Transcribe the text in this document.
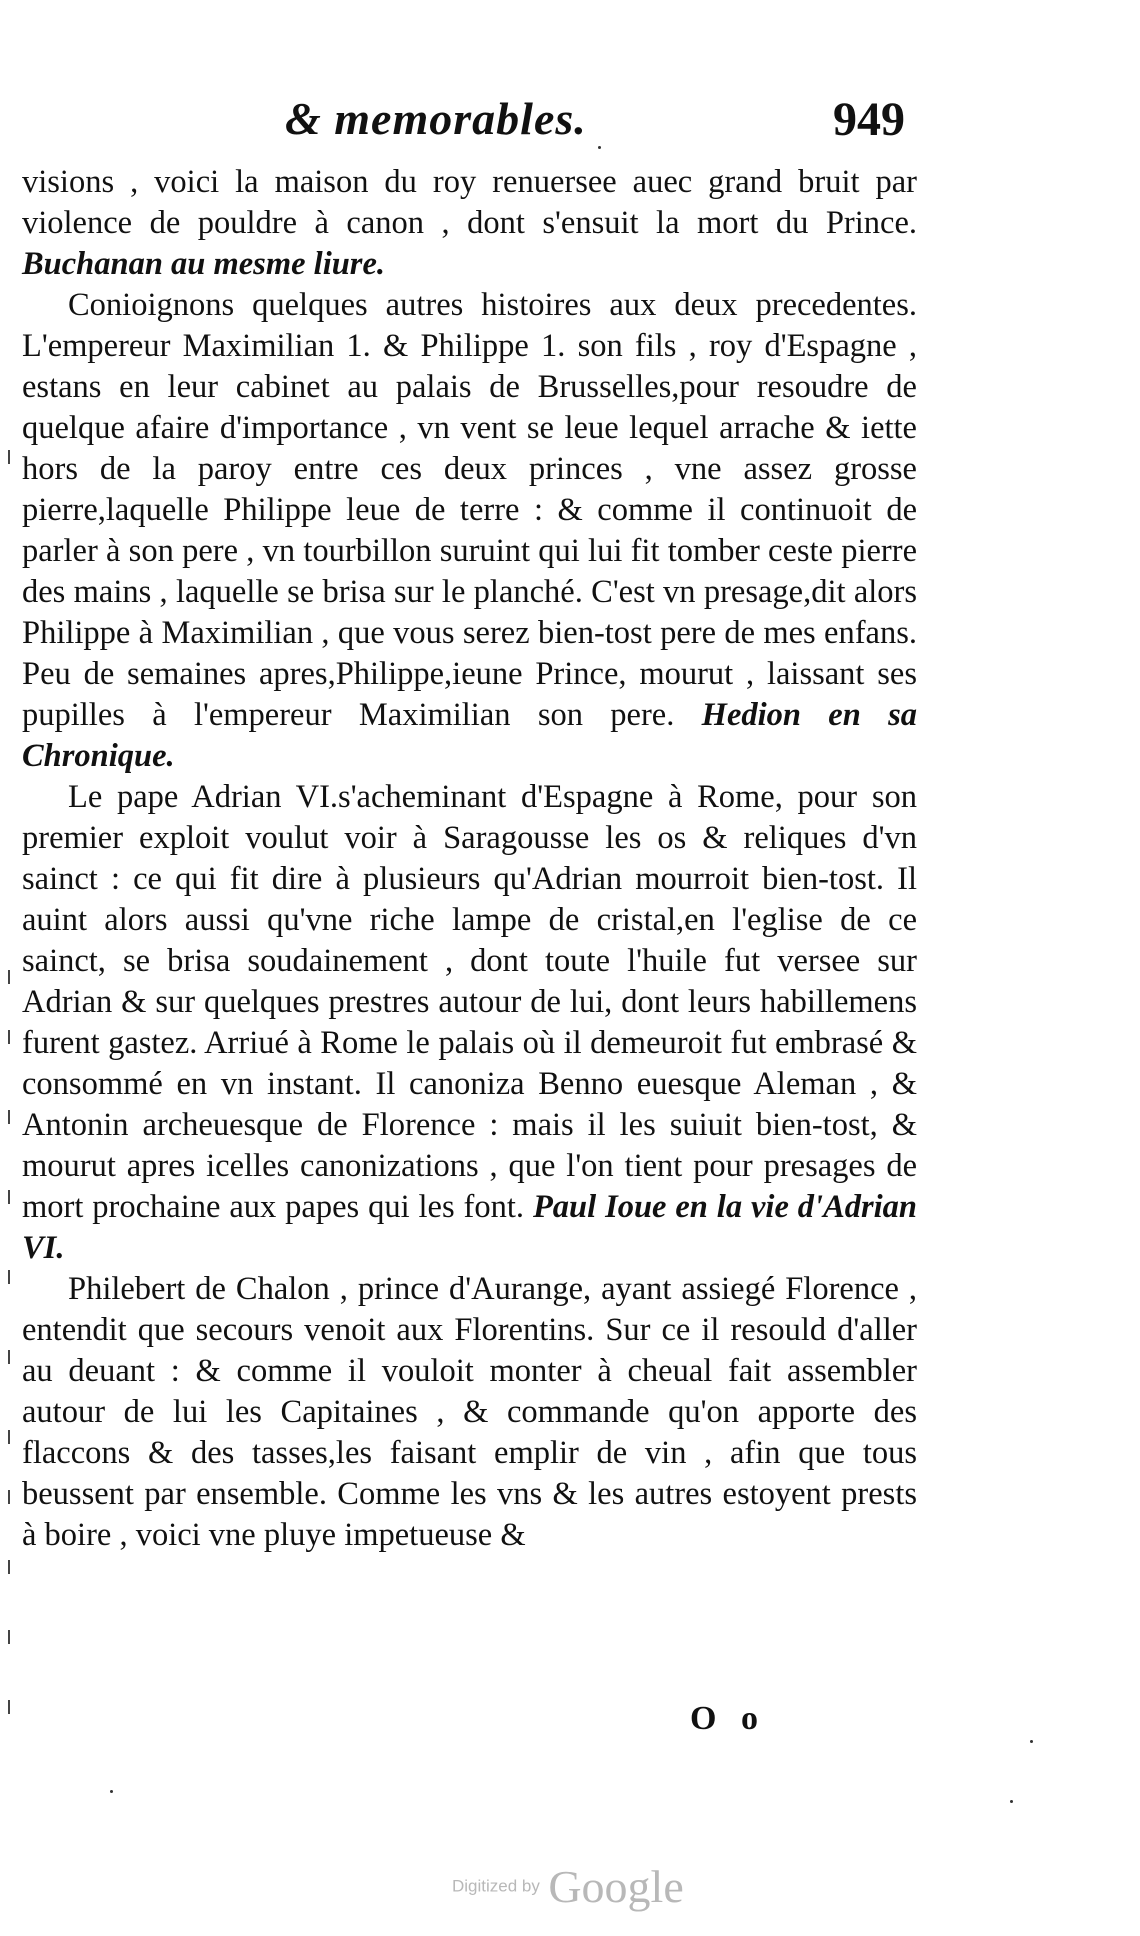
& memorables.	949

visions , voici la maison du roy renuersee auec grand bruit par violence de pouldre à canon , dont s'ensuit la mort du Prince. Buchanan au mesme liure.

Conioignons quelques autres histoires aux deux precedentes. L'empereur Maximilian 1. & Philippe 1. son fils , roy d'Espagne , estans en leur cabinet au palais de Brusselles,pour resoudre de quelque afaire d'importance , vn vent se leue lequel arrache & iette hors de la paroy entre ces deux princes , vne assez grosse pierre,laquelle Philippe leue de terre : & comme il continuoit de parler à son pere , vn tourbillon suruint qui lui fit tomber ceste pierre des mains , laquelle se brisa sur le planché. C'est vn presage,dit alors Philippe à Maximilian , que vous serez bien-tost pere de mes enfans. Peu de semaines apres,Philippe,ieune Prince, mourut , laissant ses pupilles à l'empereur Maximilian son pere. Hedion en sa Chronique.

Le pape Adrian VI.s'acheminant d'Espagne à Rome, pour son premier exploit voulut voir à Saragousse les os & reliques d'vn sainct : ce qui fit dire à plusieurs qu'Adrian mourroit bien-tost. Il auint alors aussi qu'vne riche lampe de cristal,en l'eglise de ce sainct, se brisa soudainement , dont toute l'huile fut versee sur Adrian & sur quelques prestres autour de lui, dont leurs habillemens furent gastez. Arriué à Rome le palais où il demeuroit fut embrasé & consommé en vn instant. Il canoniza Benno euesque Aleman , & Antonin archeuesque de Florence : mais il les suiuit bien-tost, & mourut apres icelles canonizations , que l'on tient pour presages de mort prochaine aux papes qui les font. Paul Ioue en la vie d'Adrian VI.

Philebert de Chalon , prince d'Aurange, ayant assiegé Florence , entendit que secours venoit aux Florentins. Sur ce il resould d'aller au deuant : & comme il vouloit monter à cheual fait assembler autour de lui les Capitaines , & commande qu'on apporte des flaccons & des tasses,les faisant emplir de vin , afin que tous beussent par ensemble. Comme les vns & les autres estoyent prests à boire , voici vne pluye impetueuse &

O o
Digitized by Google
